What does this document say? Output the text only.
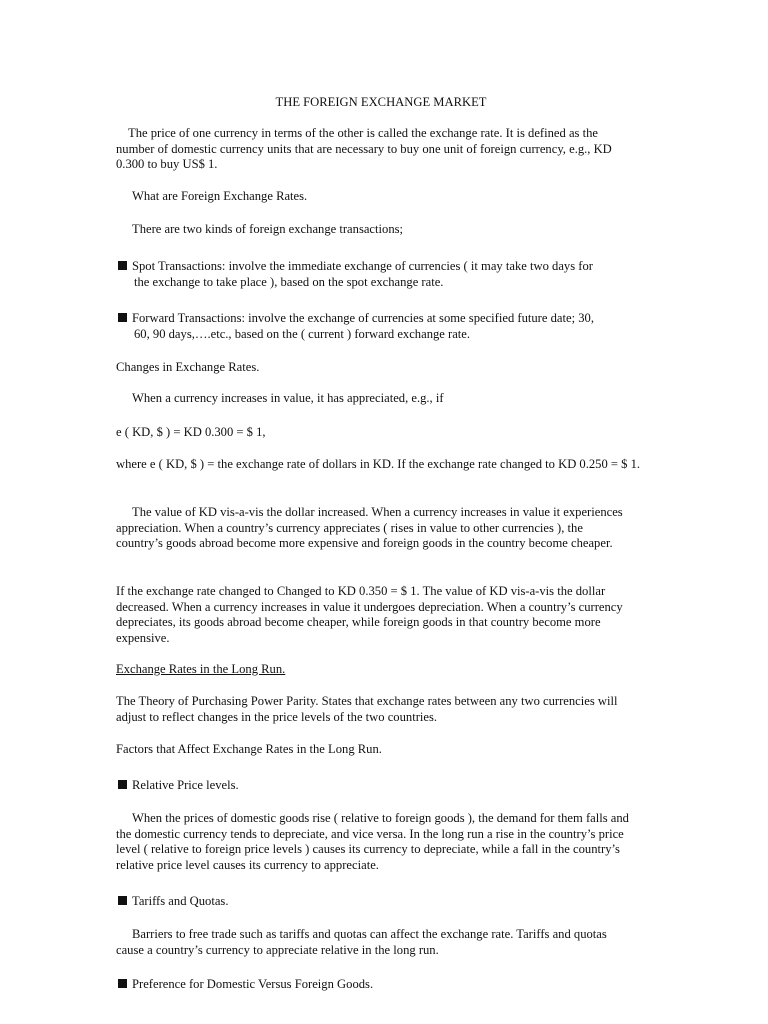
THE FOREIGN EXCHANGE MARKET

The price of one currency in terms of the other is called the exchange rate. It is defined as the number of domestic currency units that are necessary to buy one unit of foreign currency, e.g., KD 0.300 to buy US$ 1.

What are Foreign Exchange Rates.

There are two kinds of foreign exchange transactions;

Spot Transactions: involve the immediate exchange of currencies ( it may take two days for
the exchange to take place ), based on the spot exchange rate.
Forward Transactions: involve the exchange of currencies at some specified future date; 30,
60, 90 days,….etc., based on the ( current ) forward exchange rate.

Changes in Exchange Rates.

When a currency increases in value, it has appreciated, e.g., if

e ( KD, $ ) = KD 0.300 = $ 1,

where e ( KD, $ ) = the exchange rate of dollars in KD. If the exchange rate changed to KD 0.250 = $ 1.

The value of KD vis-a-vis the dollar increased. When a currency increases in value it experiences appreciation. When a country’s currency appreciates ( rises in value to other currencies ), the country’s goods abroad become more expensive and foreign goods in the country become cheaper.

If the exchange rate changed to Changed to KD 0.350 = $ 1. The value of KD vis-a-vis the dollar decreased. When a currency increases in value it undergoes depreciation. When a country’s currency depreciates, its goods abroad become cheaper, while foreign goods in that country become more expensive.

Exchange Rates in the Long Run.

The Theory of Purchasing Power Parity. States that exchange rates between any two currencies will adjust to reflect changes in the price levels of the two countries.

Factors that Affect Exchange Rates in the Long Run.

Relative Price levels.

When the prices of domestic goods rise ( relative to foreign goods ), the demand for them falls and the domestic currency tends to depreciate, and vice versa. In the long run a rise in the country’s price level ( relative to foreign price levels ) causes its currency to depreciate, while a fall in the country’s relative price level causes its currency to appreciate.

Tariffs and Quotas.

Barriers to free trade such as tariffs and quotas can affect the exchange rate. Tariffs and quotas cause a country’s currency to appreciate relative in the long run.

Preference for Domestic Versus Foreign Goods.
